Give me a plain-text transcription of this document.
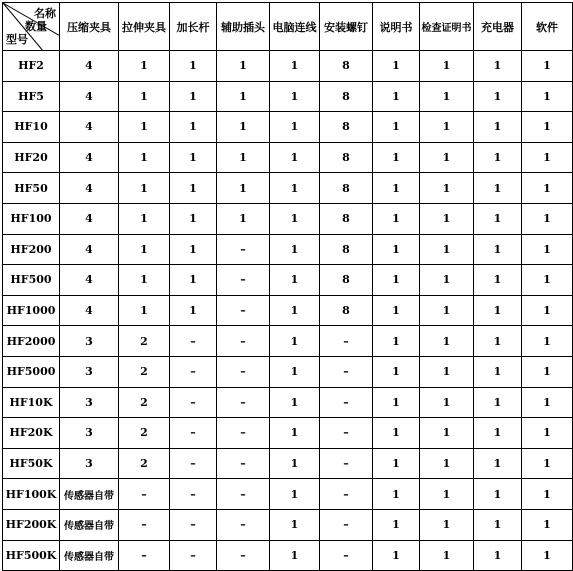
名称
数量
型号	压缩夹具	拉伸夹具	加长杆	辅助插头	电脑连线	安装螺钉	说明书	检查证明书	充电器	软件
HF2	4	1	1	1	1	8	1	1	1	1
HF5	4	1	1	1	1	8	1	1	1	1
HF10	4	1	1	1	1	8	1	1	1	1
HF20	4	1	1	1	1	8	1	1	1	1
HF50	4	1	1	1	1	8	1	1	1	1
HF100	4	1	1	1	1	8	1	1	1	1
HF200	4	1	1	–	1	8	1	1	1	1
HF500	4	1	1	–	1	8	1	1	1	1
HF1000	4	1	1	–	1	8	1	1	1	1
HF2000	3	2	–	–	1	–	1	1	1	1
HF5000	3	2	–	–	1	–	1	1	1	1
HF10K	3	2	–	–	1	–	1	1	1	1
HF20K	3	2	–	–	1	–	1	1	1	1
HF50K	3	2	–	–	1	–	1	1	1	1
HF100K	传感器自带	–	–	–	1	–	1	1	1	1
HF200K	传感器自带	–	–	–	1	–	1	1	1	1
HF500K	传感器自带	–	–	–	1	–	1	1	1	1
